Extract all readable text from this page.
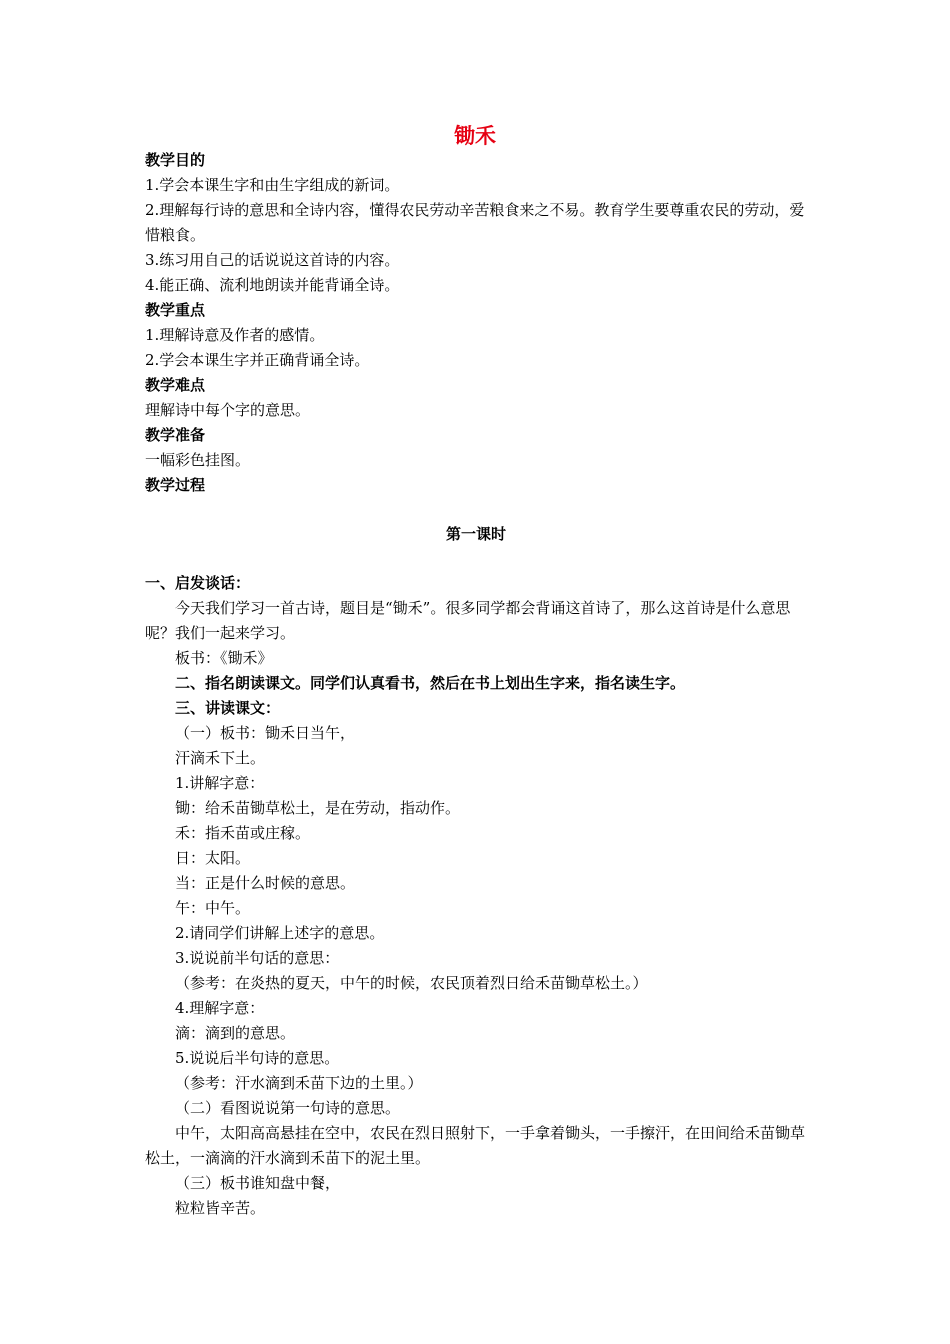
锄禾
教学目的
1.学会本课生字和由生字组成的新词。
2.理解每行诗的意思和全诗内容，懂得农民劳动辛苦粮食来之不易。教育学生要尊重农民的劳动，爱惜粮食。
3.练习用自己的话说说这首诗的内容。
4.能正确、流利地朗读并能背诵全诗。
教学重点
1.理解诗意及作者的感情。
2.学会本课生字并正确背诵全诗。
教学难点
理解诗中每个字的意思。
教学准备
一幅彩色挂图。
教学过程
第一课时
一、启发谈话：
今天我们学习一首古诗，题目是“锄禾”。很多同学都会背诵这首诗了，那么这首诗是什么意思呢？我们一起来学习。
板书：《锄禾》
二、指名朗读课文。同学们认真看书，然后在书上划出生字来，指名读生字。
三、讲读课文：
（一）板书：锄禾日当午，
汗滴禾下土。
1.讲解字意：
锄：给禾苗锄草松土，是在劳动，指动作。
禾：指禾苗或庄稼。
日：太阳。
当：正是什么时候的意思。
午：中午。
2.请同学们讲解上述字的意思。
3.说说前半句话的意思：
（参考：在炎热的夏天，中午的时候，农民顶着烈日给禾苗锄草松土。）
4.理解字意：
滴：滴到的意思。
5.说说后半句诗的意思。
（参考：汗水滴到禾苗下边的土里。）
（二）看图说说第一句诗的意思。
中午，太阳高高悬挂在空中，农民在烈日照射下，一手拿着锄头，一手擦汗，在田间给禾苗锄草松土，一滴滴的汗水滴到禾苗下的泥土里。
（三）板书谁知盘中餐，
粒粒皆辛苦。
